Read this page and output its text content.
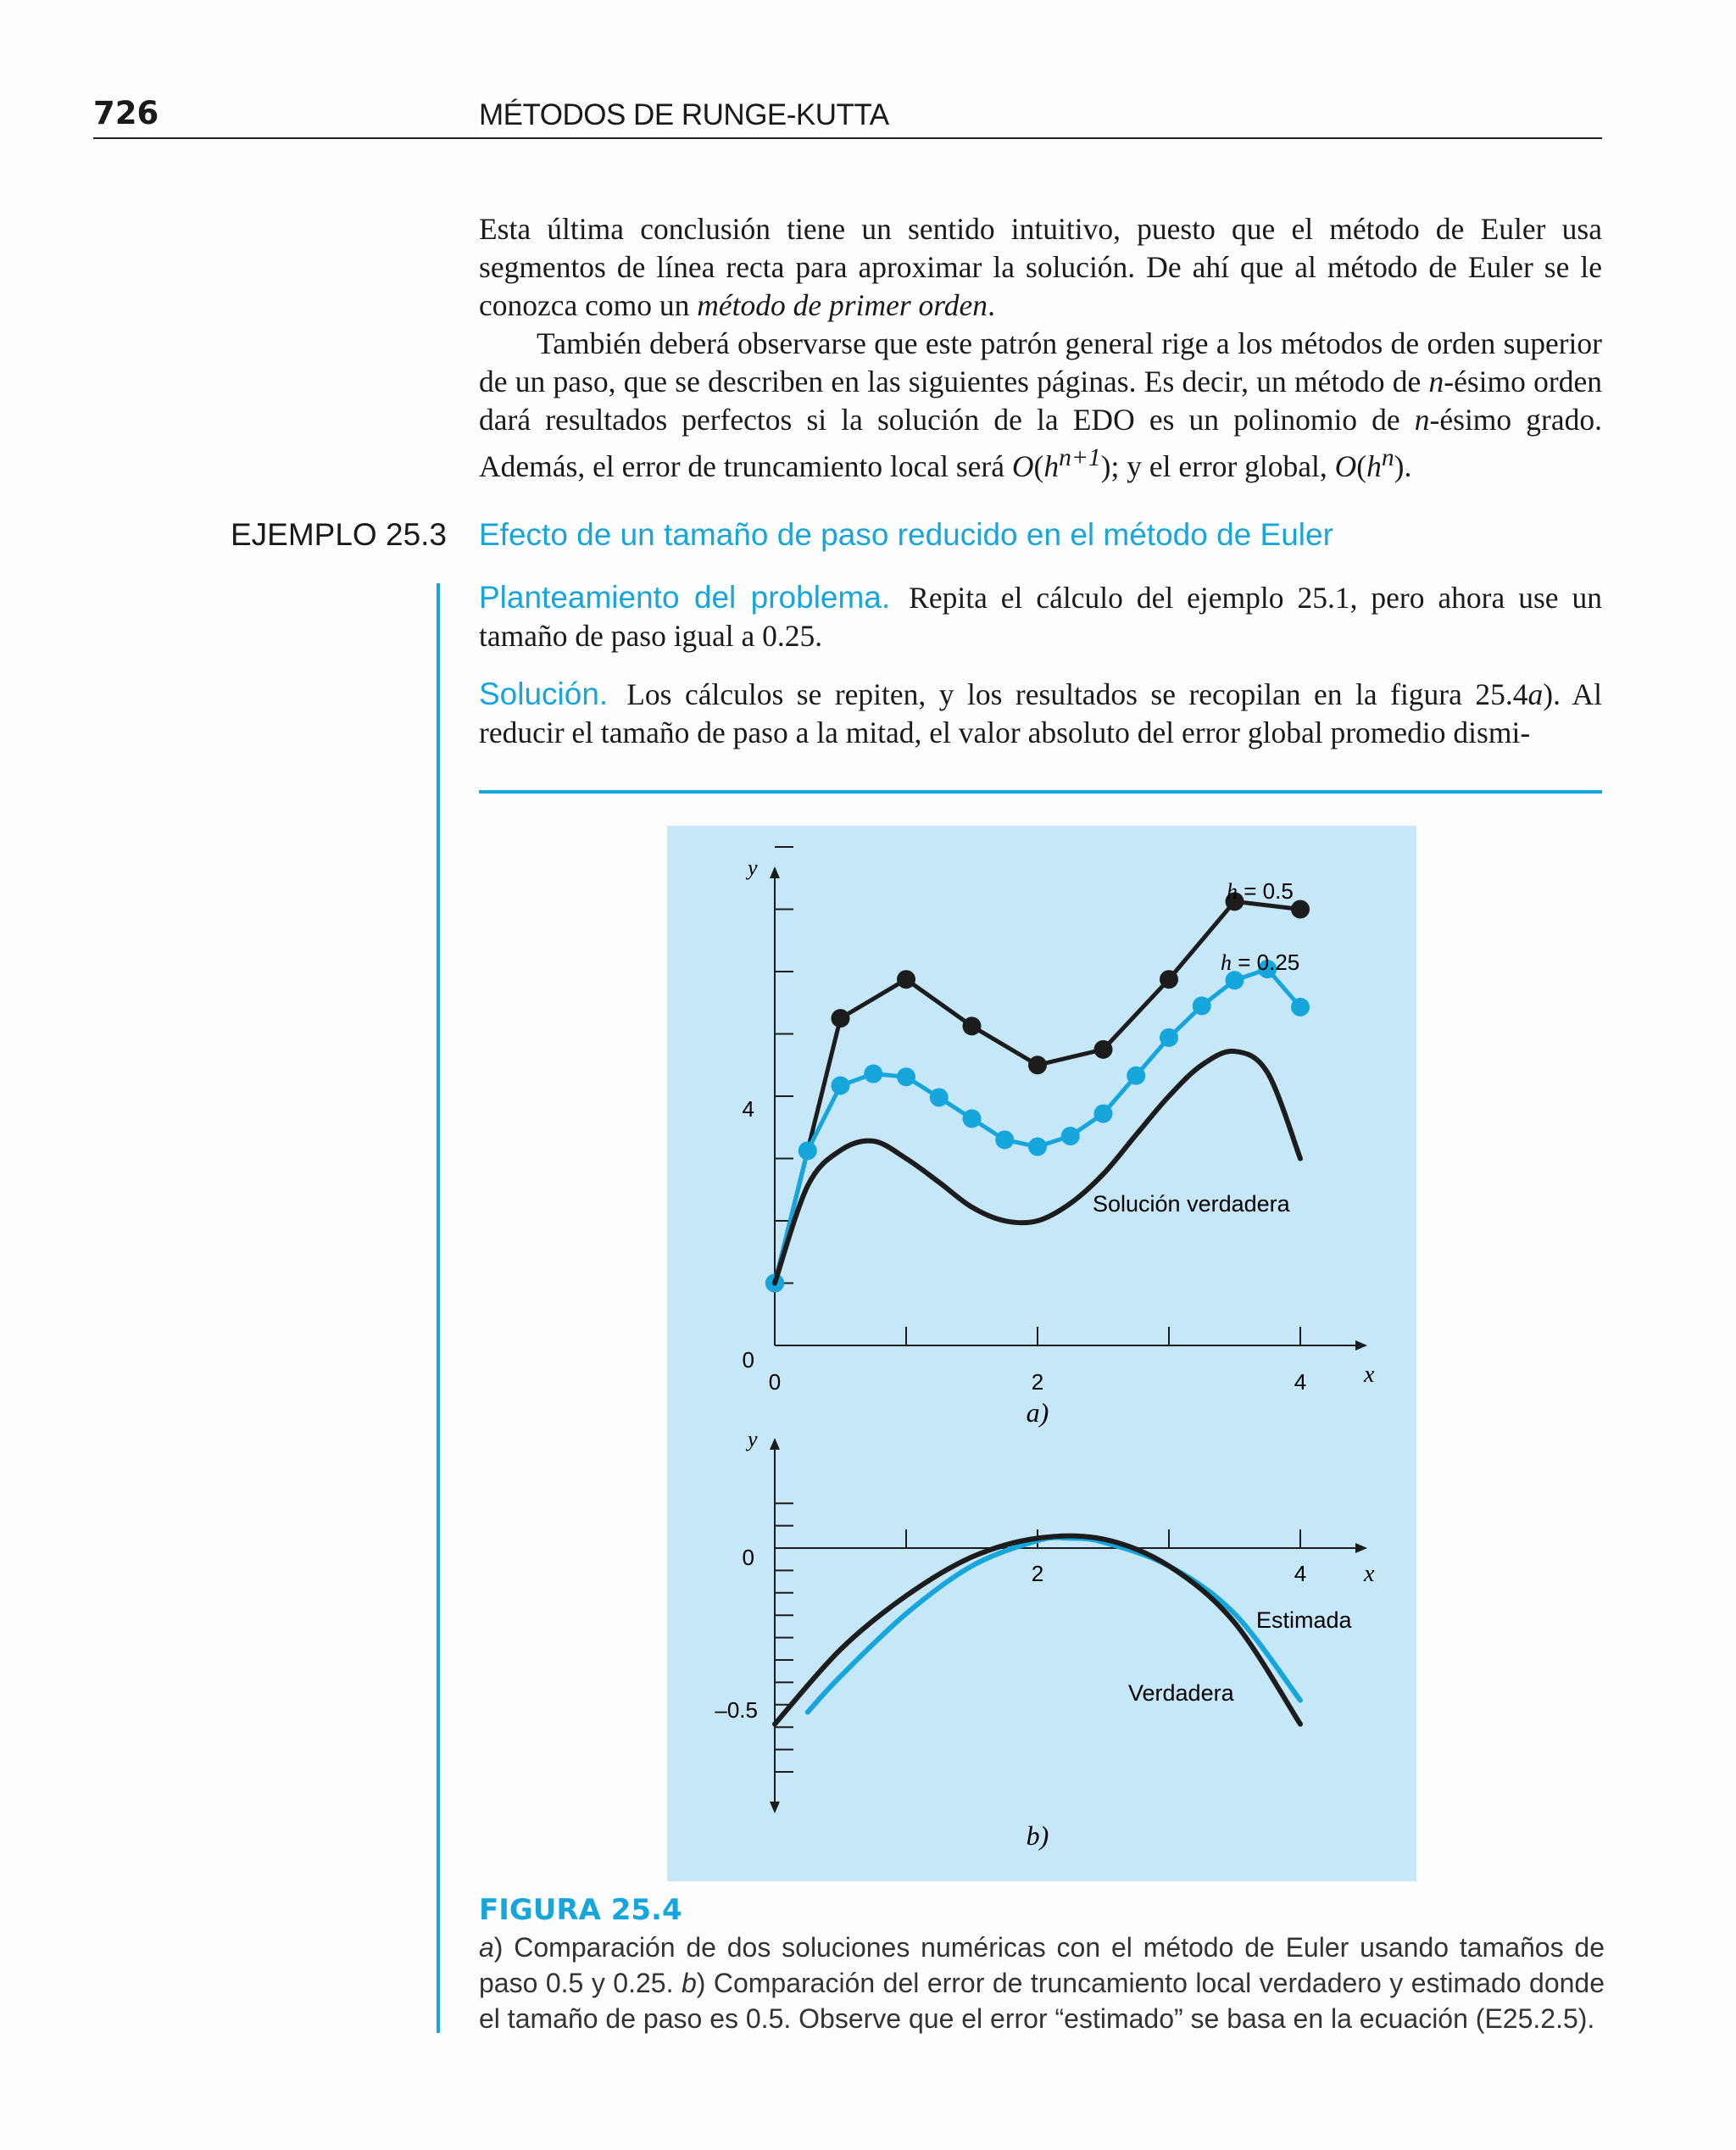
726	MÉTODOS DE RUNGE-KUTTA

Esta última conclusión tiene un sentido intuitivo, puesto que el método de Euler usa segmentos de línea recta para aproximar la solución. De ahí que al método de Euler se le conozca como un método de primer orden.

También deberá observarse que este patrón general rige a los métodos de orden superior de un paso, que se describen en las siguientes páginas. Es decir, un método de n-ésimo orden dará resultados perfectos si la solución de la EDO es un polinomio de n-ésimo grado. Además, el error de truncamiento local será $O(h^{n+1})$; y el error global, $O(h^n)$.

EJEMPLO 25.3 Efecto de un tamaño de paso reducido en el método de Euler

Planteamiento del problema. Repita el cálculo del ejemplo 25.1, pero ahora use un tamaño de paso igual a 0.25.

Solución. Los cálculos se repiten, y los resultados se recopilan en la figura 25.4a). Al reducir el tamaño de paso a la mitad, el valor absoluto del error global promedio dismi-

y
x
4
0
0	2	4
h = 0.5
h = 0.25
Solución verdadera
a)
y
x
0
–0.5
2	4
Estimada
Verdadera
b)
FIGURA 25.4
a) Comparación de dos soluciones numéricas con el método de Euler usando tamaños de paso 0.5 y 0.25. b) Comparación del error de truncamiento local verdadero y estimado donde el tamaño de paso es 0.5. Observe que el error “estimado” se basa en la ecuación (E25.2.5).
